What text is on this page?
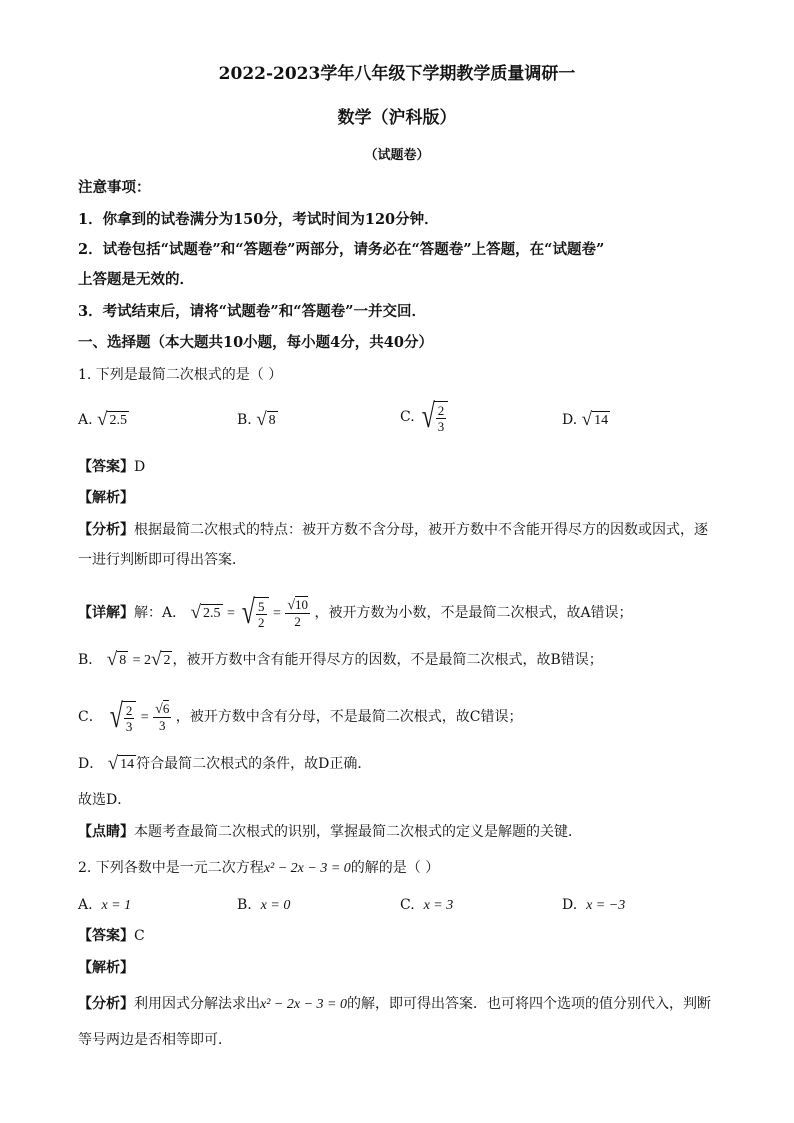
2022-2023学年八年级下学期教学质量调研一
数学（沪科版）
（试题卷）
注意事项：
1．你拿到的试卷满分为150分，考试时间为120分钟．
2．试卷包括“试题卷”和“答题卷”两部分，请务必在“答题卷”上答题，在“试题卷”
上答题是无效的．
3．考试结束后，请将“试题卷”和“答题卷”一并交回．
一、选择题（本大题共10小题，每小题4分，共40分）
1. 下列是最简二次根式的是（ ）
A. √ 2.5	B. √ 8	C. √ $\frac{2}{3}$	D. √ 14
【答案】D
【解析】
【分析】根据最简二次根式的特点：被开方数不含分母，被开方数中不含能开得尽方的因数或因式，逐
一进行判断即可得出答案．
【详解】解：A． √ 2.5 = √ $\frac{5}{2} = \frac{√10}{2}$ ，被开方数为小数，不是最简二次根式，故A错误；
B． √ 8 = 2√ 2 ，被开方数中含有能开得尽方的因数，不是最简二次根式，故B错误；
C． √ $\frac{2}{3} = \frac{√6}{3}$ ，被开方数中含有分母，不是最简二次根式，故C错误；
D． √ 14 符合最简二次根式的条件，故D正确．
故选D．
【点睛】本题考查最简二次根式的识别，掌握最简二次根式的定义是解题的关键．
2. 下列各数中是一元二次方程x² − 2x − 3 = 0的解的是（ ）
A. x = 1	B. x = 0	C. x = 3	D. x = −3
【答案】C
【解析】
【分析】利用因式分解法求出x² − 2x − 3 = 0的解，即可得出答案．也可将四个选项的值分别代入，判断
等号两边是否相等即可．
